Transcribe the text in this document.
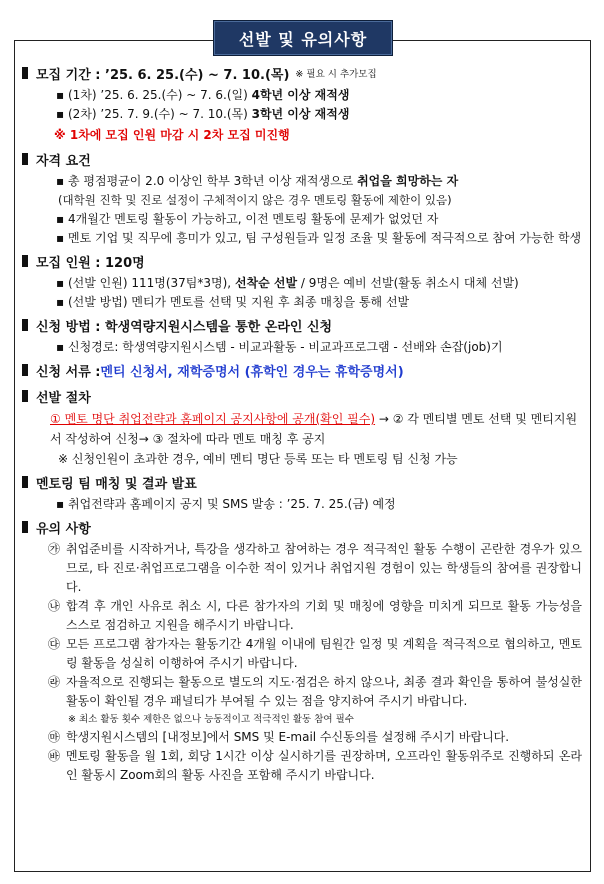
선발 및 유의사항
모집 기간 : ’25. 6. 25.(수) ~ 7. 10.(목) ※ 필요 시 추가모집
▪ (1차) ’25. 6. 25.(수) ~ 7. 6.(일) 4학년 이상 재적생
▪ (2차) ’25. 7. 9.(수) ~ 7. 10.(목) 3학년 이상 재적생
※ 1차에 모집 인원 마감 시 2차 모집 미진행
자격 요건
▪ 총 평점평균이 2.0 이상인 학부 3학년 이상 재적생으로 취업을 희망하는 자
(대학원 진학 및 진로 설정이 구체적이지 않은 경우 멘토링 활동에 제한이 있음)
▪ 4개월간 멘토링 활동이 가능하고, 이전 멘토링 활동에 문제가 없었던 자
▪ 멘토 기업 및 직무에 흥미가 있고, 팀 구성원들과 일정 조율 및 활동에 적극적으로 참여 가능한 학생
모집 인원 : 120명
▪ (선발 인원) 111명(37팀*3명), 선착순 선발 / 9명은 예비 선발(활동 취소시 대체 선발)
▪ (선발 방법) 멘티가 멘토를 선택 및 지원 후 최종 매칭을 통해 선발
신청 방법 : 학생역량지원시스템을 통한 온라인 신청
▪ 신청경로: 학생역량지원시스템 - 비교과활동 - 비교과프로그램 - 선배와 손잡(job)기
신청 서류 : 멘티 신청서, 재학증명서 (휴학인 경우는 휴학증명서)
선발 절차
① 멘토 명단 취업전략과 홈페이지 공지사항에 공개(확인 필수) → ② 각 멘티별 멘토 선택 및 멘티지원서 작성하여 신청→ ③ 절차에 따라 멘토 매칭 후 공지
※ 신청인원이 초과한 경우, 예비 멘티 명단 등록 또는 타 멘토링 팀 신청 가능
멘토링 팀 매칭 및 결과 발표
▪ 취업전략과 홈페이지 공지 및 SMS 발송 : ’25. 7. 25.(금) 예정
유의 사항
㉮ 취업준비를 시작하거나, 특강을 생각하고 참여하는 경우 적극적인 활동 수행이 곤란한 경우가 있으므로, 타 진로·취업프로그램을 이수한 적이 있거나 취업지원 경험이 있는 학생들의 참여를 권장합니다.
㉯ 합격 후 개인 사유로 취소 시, 다른 참가자의 기회 및 매칭에 영향을 미치게 되므로 활동 가능성을 스스로 점검하고 지원을 해주시기 바랍니다.
㉰ 모든 프로그램 참가자는 활동기간 4개월 이내에 팀원간 일정 및 계획을 적극적으로 협의하고, 멘토링 활동을 성실히 이행하여 주시기 바랍니다.
㉱ 자율적으로 진행되는 활동으로 별도의 지도·점검은 하지 않으나, 최종 결과 확인을 통하여 불성실한 활동이 확인될 경우 패널티가 부여될 수 있는 점을 양지하여 주시기 바랍니다.
※ 최소 활동 횟수 제한은 없으나 능동적이고 적극적인 활동 참여 필수
㉲ 학생지원시스템의 [내정보]에서 SMS 및 E-mail 수신동의를 설정해 주시기 바랍니다.
㉳ 멘토링 활동을 월 1회, 회당 1시간 이상 실시하기를 권장하며, 오프라인 활동위주로 진행하되 온라인 활동시 Zoom회의 활동 사진을 포함해 주시기 바랍니다.
